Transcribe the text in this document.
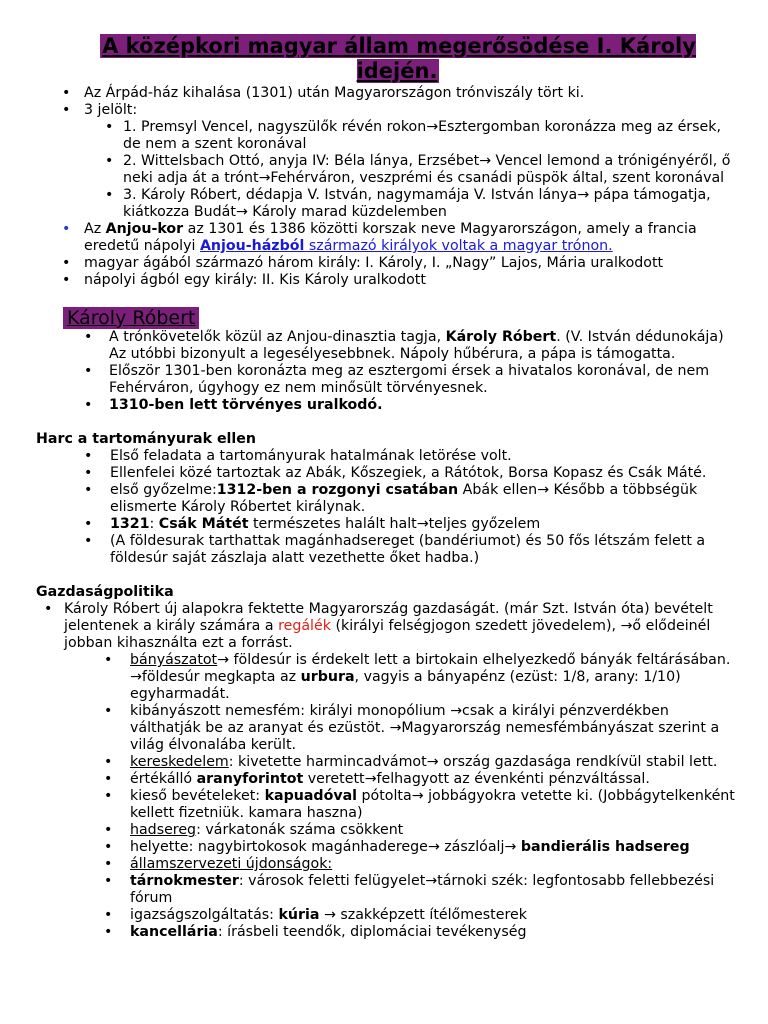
A középkori magyar állam megerősödése I. Károly idején.
• Az Árpád-ház kihalása (1301) után Magyarországon trónviszály tört ki.
• 3 jelölt:
• 1. Premsyl Vencel, nagyszülők révén rokon→Esztergomban koronázza meg az érsek, de nem a szent koronával
• 2. Wittelsbach Ottó, anyja IV: Béla lánya, Erzsébet→ Vencel lemond a trónigényéről, ő neki adja át a trónt→Fehérváron, veszprémi és csanádi püspök által, szent koronával
• 3. Károly Róbert, dédapja V. István, nagymamája V. István lánya→ pápa támogatja, kiátkozza Budát→ Károly marad küzdelemben
• Az Anjou-kor az 1301 és 1386 közötti korszak neve Magyarországon, amely a francia eredetű nápolyi Anjou-házból származó királyok voltak a magyar trónon.
• magyar ágából származó három király: I. Károly, I. „Nagy” Lajos, Mária uralkodott
• nápolyi ágból egy király: II. Kis Károly uralkodott
Károly Róbert
• A trónkövetelők közül az Anjou-dinasztia tagja, Károly Róbert. (V. István dédunokája) Az utóbbi bizonyult a legesélyesebbnek. Nápoly hűbérura, a pápa is támogatta.
• Először 1301-ben koronázta meg az esztergomi érsek a hivatalos koronával, de nem Fehérváron, úgyhogy ez nem minősült törvényesnek.
• 1310-ben lett törvényes uralkodó.
Harc a tartományurak ellen
• Első feladata a tartományurak hatalmának letörése volt.
• Ellenfelei közé tartoztak az Abák, Kőszegiek, a Rátótok, Borsa Kopasz és Csák Máté.
• első győzelme:1312-ben a rozgonyi csatában Abák ellen→ Később a többségük elismerte Károly Róbertet királynak.
• 1321: Csák Mátét természetes halált halt→teljes győzelem
• (A földesurak tarthattak magánhadsereget (bandériumot) és 50 fős létszám felett a földesúr saját zászlaja alatt vezethette őket hadba.)
Gazdaságpolitika
• Károly Róbert új alapokra fektette Magyarország gazdaságát. (már Szt. István óta) bevételt jelentenek a király számára a regálék (királyi felségjogon szedett jövedelem), →ő elődeinél jobban kihasználta ezt a forrást.
• bányászatot→ földesúr is érdekelt lett a birtokain elhelyezkedő bányák feltárásában. →földesúr megkapta az urbura, vagyis a bányapénz (ezüst: 1/8, arany: 1/10) egyharmadát.
• kibányászott nemesfém: királyi monopólium →csak a királyi pénzverdékben válthatják be az aranyat és ezüstöt. →Magyarország nemesfémbányászat szerint a világ élvonalába került.
• kereskedelem: kivetette harmincadvámot→ ország gazdasága rendkívül stabil lett.
• értékálló aranyforintot veretett→felhagyott az évenkénti pénzváltással.
• kieső bevételeket: kapuadóval pótolta→ jobbágyokra vetette ki. (Jobbágytelkenként kellett fizetniük. kamara haszna)
• hadsereg: várkatonák száma csökkent
• helyette: nagybirtokosok magánhaderege→ zászlóalj→ bandierális hadsereg
• államszervezeti újdonságok:
• tárnokmester: városok feletti felügyelet→tárnoki szék: legfontosabb fellebbezési fórum
• igazságszolgáltatás: kúria → szakképzett ítélőmesterek
• kancellária: írásbeli teendők, diplomáciai tevékenység
